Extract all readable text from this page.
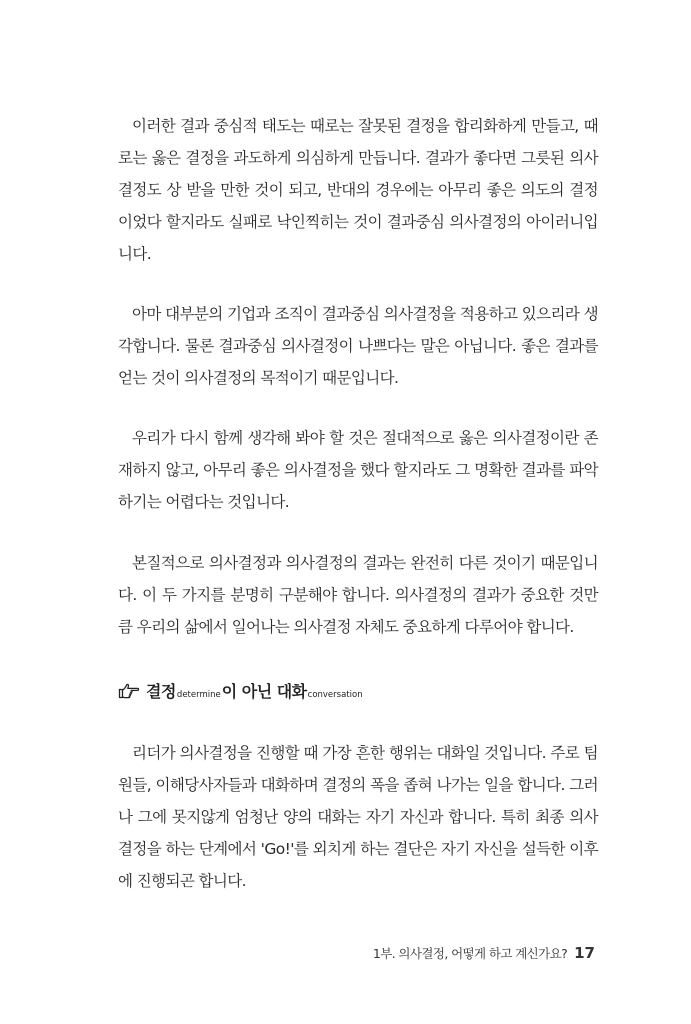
이러한 결과 중심적 태도는 때로는 잘못된 결정을 합리화하게 만들고, 때로는 옳은 결정을 과도하게 의심하게 만듭니다. 결과가 좋다면 그릇된 의사결정도 상 받을 만한 것이 되고, 반대의 경우에는 아무리 좋은 의도의 결정이었다 할지라도 실패로 낙인찍히는 것이 결과중심 의사결정의 아이러니입니다.

아마 대부분의 기업과 조직이 결과중심 의사결정을 적용하고 있으리라 생각합니다. 물론 결과중심 의사결정이 나쁘다는 말은 아닙니다. 좋은 결과를 얻는 것이 의사결정의 목적이기 때문입니다.

우리가 다시 함께 생각해 봐야 할 것은 절대적으로 옳은 의사결정이란 존재하지 않고, 아무리 좋은 의사결정을 했다 할지라도 그 명확한 결과를 파악하기는 어렵다는 것입니다.

본질적으로 의사결정과 의사결정의 결과는 완전히 다른 것이기 때문입니다. 이 두 가지를 분명히 구분해야 합니다. 의사결정의 결과가 중요한 것만큼 우리의 삶에서 일어나는 의사결정 자체도 중요하게 다루어야 합니다.

결정 determine 이 아닌 대화 conversation

리더가 의사결정을 진행할 때 가장 흔한 행위는 대화일 것입니다. 주로 팀원들, 이해당사자들과 대화하며 결정의 폭을 좁혀 나가는 일을 합니다. 그러나 그에 못지않게 엄청난 양의 대화는 자기 자신과 합니다. 특히 최종 의사결정을 하는 단계에서 'Go!'를 외치게 하는 결단은 자기 자신을 설득한 이후에 진행되곤 합니다.

1부. 의사결정, 어떻게 하고 계신가요? 17
